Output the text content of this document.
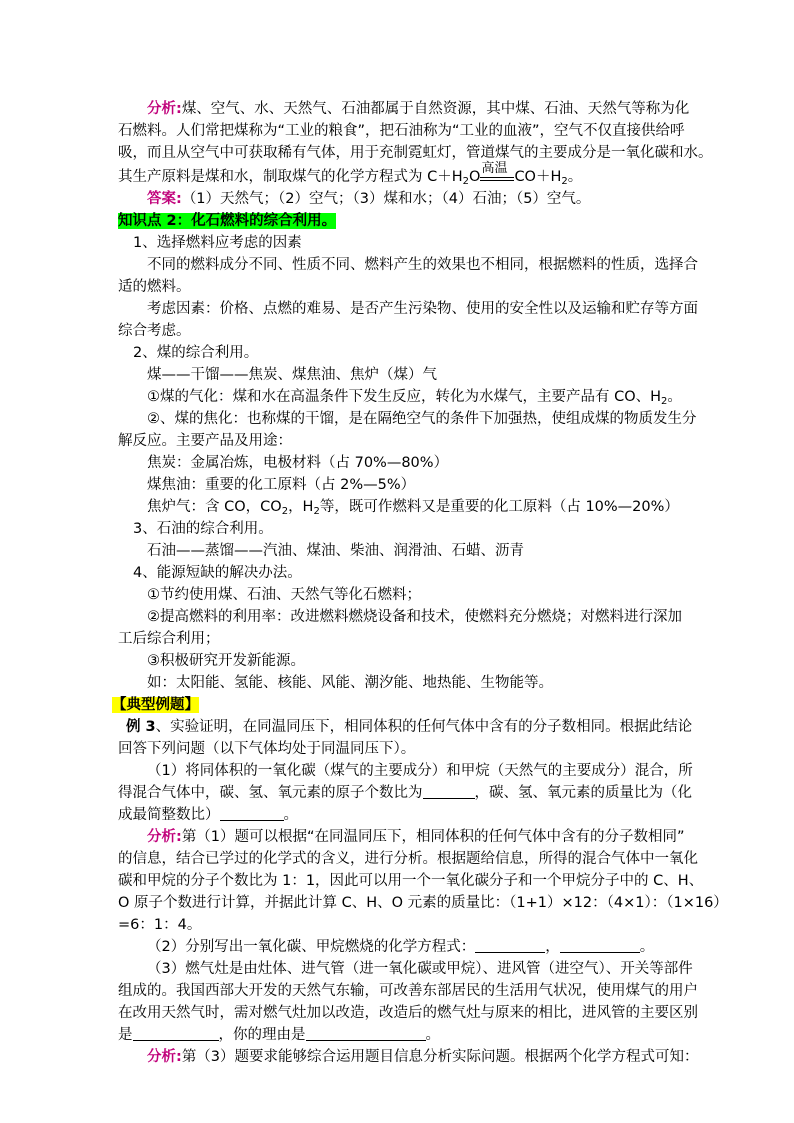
分析:煤、空气、水、天然气、石油都属于自然资源，其中煤、石油、天然气等称为化
石燃料。人们常把煤称为“工业的粮食”，把石油称为“工业的血液”，空气不仅直接供给呼
吸，而且从空气中可获取稀有气体，用于充制霓虹灯，管道煤气的主要成分是一氧化碳和水。
其生产原料是煤和水，制取煤气的化学方程式为 $C+H_2O$
高温
$CO+H_2$。
答案:（1）天然气；（2）空气；（3）煤和水；（4）石油；（5）空气。
知识点 2：化石燃料的综合利用。
1、选择燃料应考虑的因素
不同的燃料成分不同、性质不同、燃料产生的效果也不相同，根据燃料的性质，选择合
适的燃料。
考虑因素：价格、点燃的难易、是否产生污染物、使用的安全性以及运输和贮存等方面
综合考虑。
2、煤的综合利用。
煤——干馏——焦炭、煤焦油、焦炉（煤）气
①煤的气化：煤和水在高温条件下发生反应，转化为水煤气，主要产品有 CO、$H_2$。
②、煤的焦化：也称煤的干馏，是在隔绝空气的条件下加强热，使组成煤的物质发生分
解反应。主要产品及用途：
焦炭：金属冶炼，电极材料（占 70%—80%）
煤焦油：重要的化工原料（占 2%—5%）
焦炉气：含 CO，$CO_2$，$H_2$等，既可作燃料又是重要的化工原料（占 10%—20%）
3、石油的综合利用。
石油——蒸馏——汽油、煤油、柴油、润滑油、石蜡、沥青
4、能源短缺的解决办法。
①节约使用煤、石油、天然气等化石燃料；
②提高燃料的利用率：改进燃料燃烧设备和技术，使燃料充分燃烧；对燃料进行深加
工后综合利用；
③积极研究开发新能源。
如：太阳能、氢能、核能、风能、潮汐能、地热能、生物能等。
【典型例题】
例 3、实验证明，在同温同压下，相同体积的任何气体中含有的分子数相同。根据此结论
回答下列问题（以下气体均处于同温同压下）。
（1）将同体积的一氧化碳（煤气的主要成分）和甲烷（天然气的主要成分）混合，所
得混合气体中，碳、氢、氧元素的原子个数比为	，碳、氢、氧元素的质量比为（化
成最简整数比）	。
分析:第（1）题可以根据“在同温同压下，相同体积的任何气体中含有的分子数相同”
的信息，结合已学过的化学式的含义，进行分析。根据题给信息，所得的混合气体中一氧化
碳和甲烷的分子个数比为 1：1，因此可以用一个一氧化碳分子和一个甲烷分子中的 C、H、
O 原子个数进行计算，并据此计算 C、H、O 元素的质量比：（1+1）×12：（4×1）：（1×16）
=6：1：4。
（2）分别写出一氧化碳、甲烷燃烧的化学方程式：	，	。
（3）燃气灶是由灶体、进气管（进一氧化碳或甲烷）、进风管（进空气）、开关等部件
组成的。我国西部大开发的天然气东输，可改善东部居民的生活用气状况，使用煤气的用户
在改用天然气时，需对燃气灶加以改造，改造后的燃气灶与原来的相比，进风管的主要区别
是	，你的理由是	。
分析:第（3）题要求能够综合运用题目信息分析实际问题。根据两个化学方程式可知：
